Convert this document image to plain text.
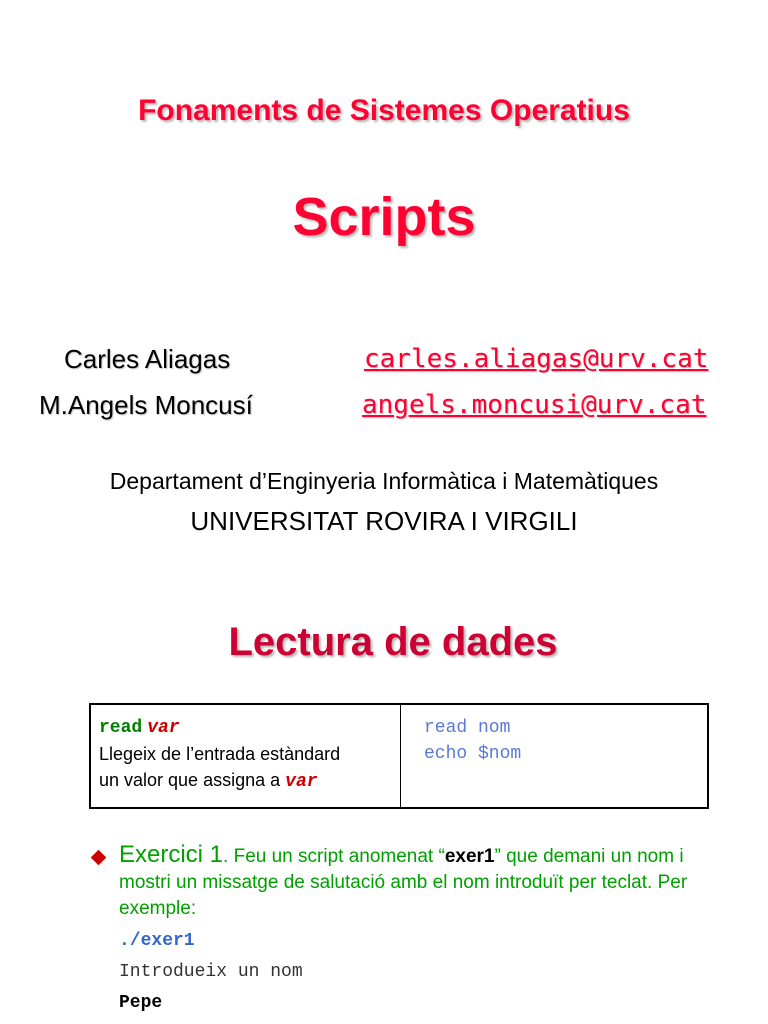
Fonaments de Sistemes Operatius
Scripts
Carles Aliagas	carles.aliagas@urv.cat
M.Angels Moncusí	angels.moncusi@urv.cat
Departament d’Enginyeria Informàtica i Matemàtiques
UNIVERSITAT ROVIRA I VIRGILI
Lectura de dades
read var
Llegeix de l’entrada estàndard
un valor que assigna a var
read nom
echo $nom
Exercici 1. Feu un script anomenat “exer1” que demani un nom i mostri un missatge de salutació amb el nom introduït per teclat. Per exemple:
./exer1
Introdueix un nom
Pepe
